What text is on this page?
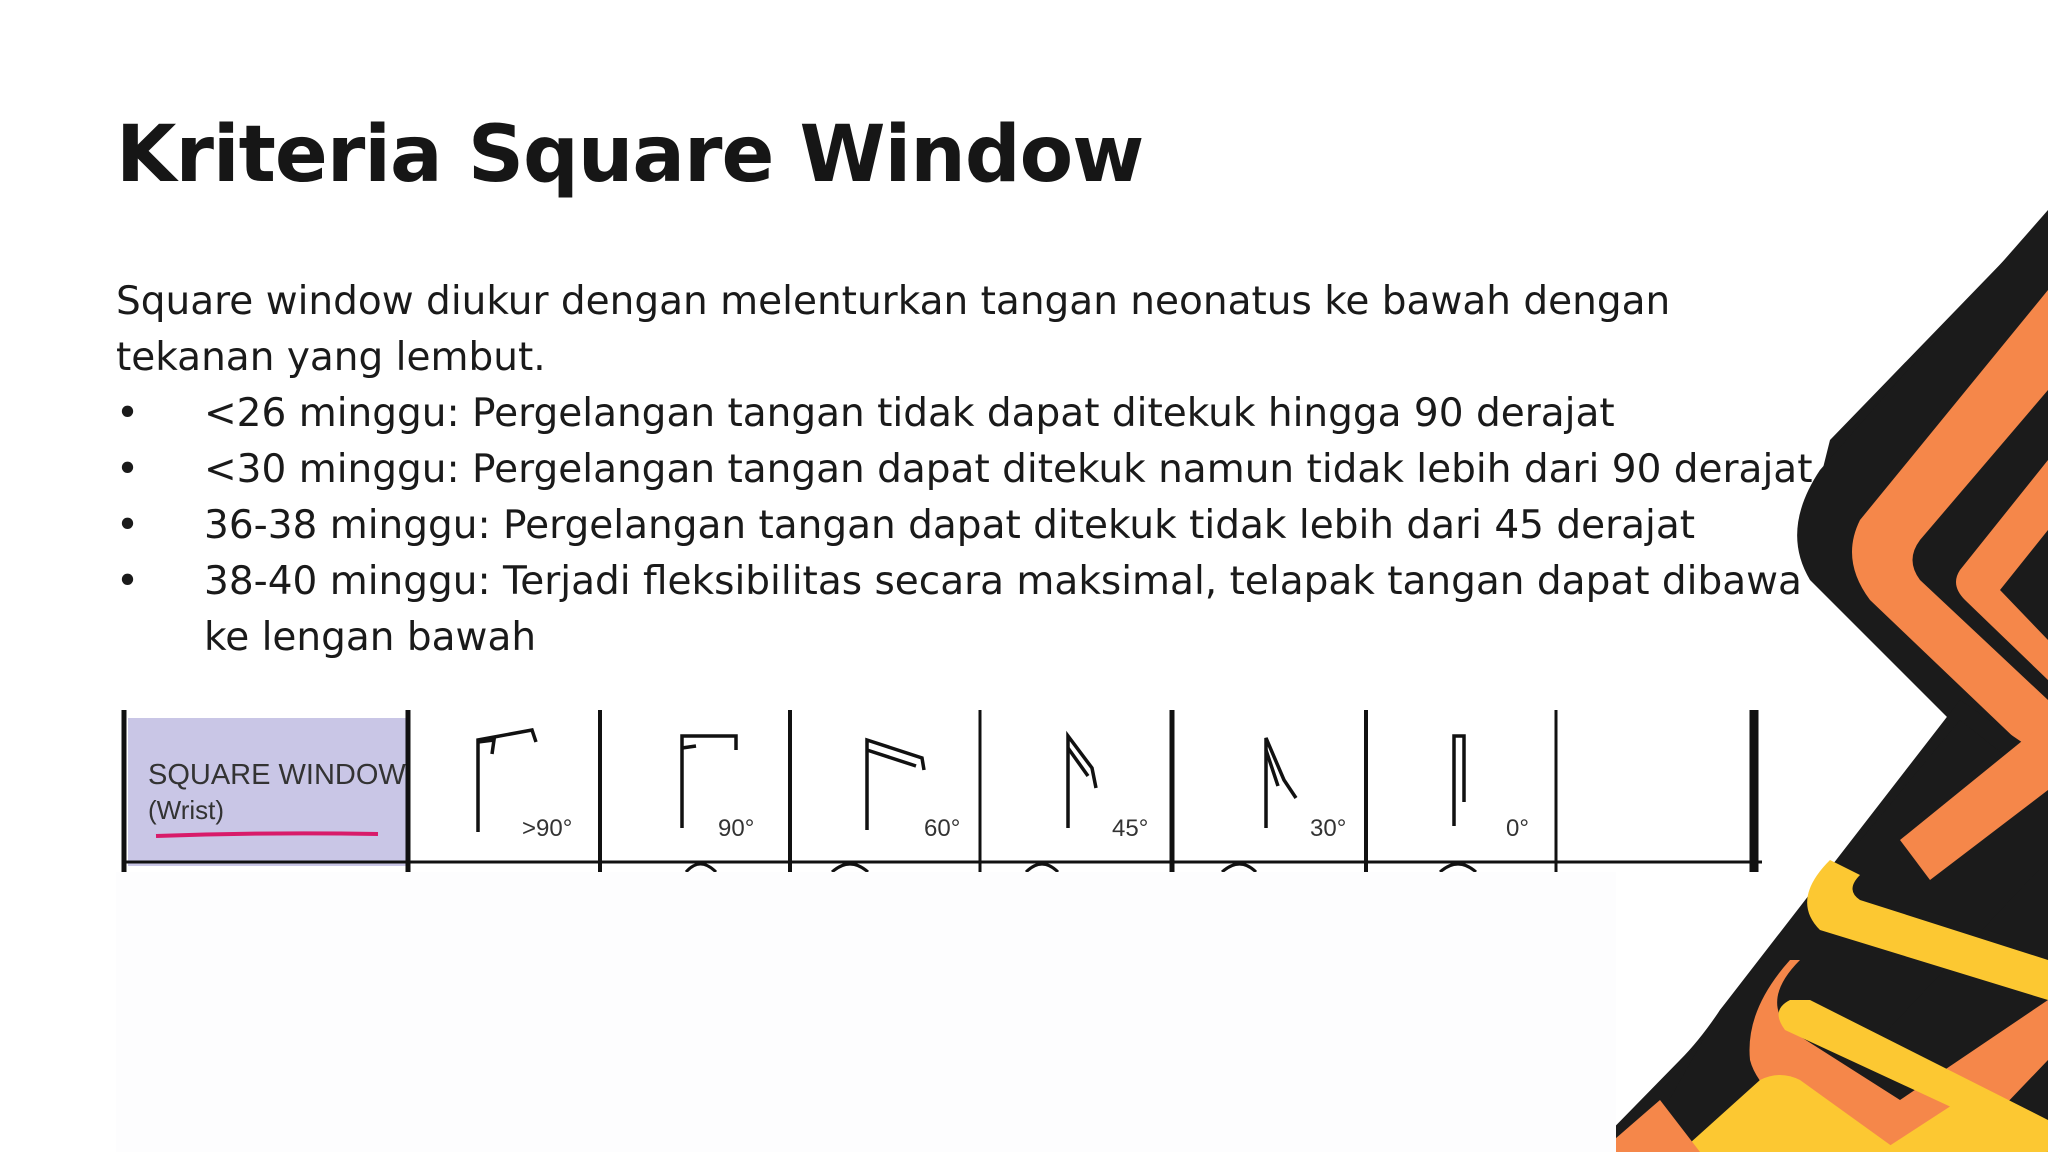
Kriteria Square Window

Square window diukur dengan melenturkan tangan neonatus ke bawah dengan tekanan yang lembut.

• <26 minggu: Pergelangan tangan tidak dapat ditekuk hingga 90 derajat
• <30 minggu: Pergelangan tangan dapat ditekuk namun tidak lebih dari 90 derajat
• 36-38 minggu: Pergelangan tangan dapat ditekuk tidak lebih dari 45 derajat
• 38-40 minggu: Terjadi fleksibilitas secara maksimal, telapak tangan dapat dibawa ke lengan bawah
SQUARE WINDOW
(Wrist)
>90°	90°	60°	45°	30°	0°
